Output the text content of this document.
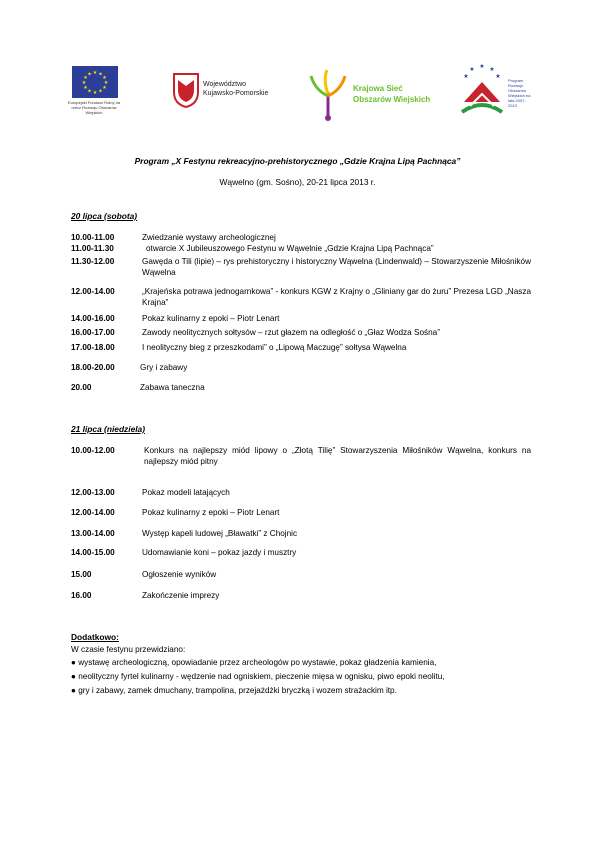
★ ★
★
★
★
★
★
★
★
★
★
★
Europejski Fundusz Rolny na rzecz Rozwoju Obszarów Wiejskich
Województwo
Kujawsko-Pomorskie
Krajowa Sieć
Obszarów Wiejskich
★
★ ★ ★
★
Program Rozwoju Obszarów Wiejskich na lata 2007-2013
Program „X Festynu rekreacyjno-prehistorycznego „Gdzie Krajna Lipą Pachnąca”
Wąwelno (gm. Sośno), 20-21 lipca 2013 r.
20 lipca (sobota)
10.00-11.00	Zwiedzanie wystawy archeologicznej
11.00-11.30	otwarcie X Jubileuszowego Festynu w Wąwelnie „Gdzie Krajna Lipą Pachnąca”
11.30-12.00	Gawęda o Tili (lipie) – rys prehistoryczny i historyczny Wąwelna (Lindenwald) – Stowarzyszenie Miłośników Wąwelna
12.00-14.00	„Krajeńska potrawa jednogarnkowa” - konkurs KGW z Krajny o „Gliniany gar do żuru” Prezesa LGD „Nasza Krajna”
14.00-16.00	Pokaz kulinarny z epoki – Piotr Lenart
16.00-17.00	Zawody neolitycznych sołtysów – rzut głazem na odległość o „Głaz Wodza Sośna”
17.00-18.00	I neolityczny bieg z przeszkodami” o „Lipową Maczugę” sołtysa Wąwelna
18.00-20.00	Gry i zabawy
20.00	Zabawa taneczna
21 lipca (niedziela)
10.00-12.00	Konkurs na najlepszy miód lipowy o „Złotą Tilię” Stowarzyszenia Miłośników Wąwelna, konkurs na najlepszy miód pitny
12.00-13.00	Pokaz modeli latających
12.00-14.00	Pokaz kulinarny z epoki – Piotr Lenart
13.00-14.00	Występ kapeli ludowej „Bławatki” z Chojnic
14.00-15.00	Udomawianie koni – pokaz jazdy i musztry
15.00	Ogłoszenie wyników
16.00	Zakończenie imprezy
Dodatkowo:
W czasie festynu przewidziano:
● wystawę archeologiczną, opowiadanie przez archeologów po wystawie, pokaz gładzenia kamienia,
● neolityczny fyrtel kulinarny - wędzenie nad ogniskiem, pieczenie mięsa w ognisku, piwo epoki neolitu,
● gry i zabawy, zamek dmuchany, trampolina, przejażdżki bryczką i wozem strażackim itp.
